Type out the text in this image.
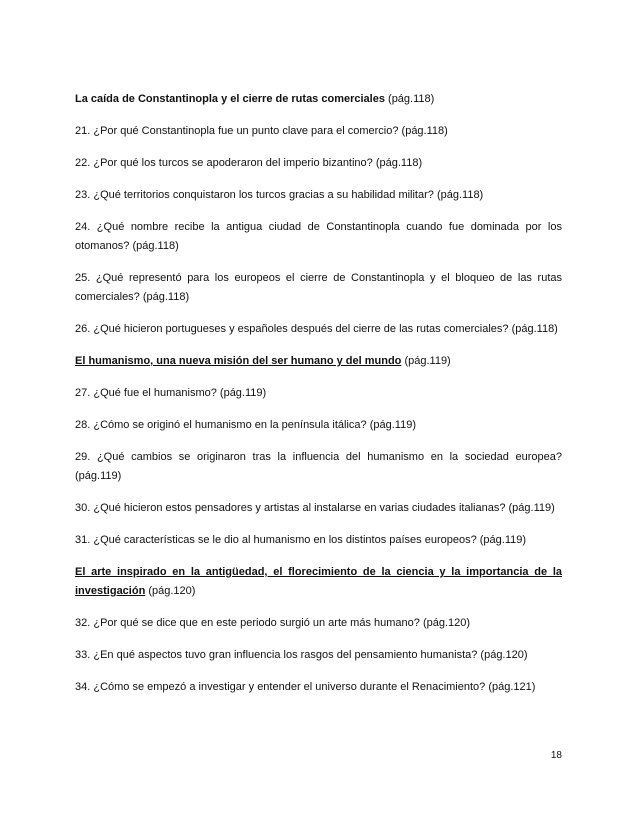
La caída de Constantinopla y el cierre de rutas comerciales (pág.118)

21. ¿Por qué Constantinopla fue un punto clave para el comercio? (pág.118)

22. ¿Por qué los turcos se apoderaron del imperio bizantino? (pág.118)

23. ¿Qué territorios conquistaron los turcos gracias a su habilidad militar? (pág.118)

24. ¿Qué nombre recibe la antigua ciudad de Constantinopla cuando fue dominada por los otomanos? (pág.118)

25. ¿Qué representó para los europeos el cierre de Constantinopla y el bloqueo de las rutas comerciales? (pág.118)

26. ¿Qué hicieron portugueses y españoles después del cierre de las rutas comerciales? (pág.118)

El humanismo, una nueva misión del ser humano y del mundo (pág.119)

27. ¿Qué fue el humanismo? (pág.119)

28. ¿Cómo se originó el humanismo en la península itálica? (pág.119)

29. ¿Qué cambios se originaron tras la influencia del humanismo en la sociedad europea? (pág.119)

30. ¿Qué hicieron estos pensadores y artistas al instalarse en varias ciudades italianas? (pág.119)

31. ¿Qué características se le dio al humanismo en los distintos países europeos? (pág.119)

El arte inspirado en la antigüedad, el florecimiento de la ciencia y la importancia de la investigación (pág.120)

32. ¿Por qué se dice que en este periodo surgió un arte más humano? (pág.120)

33. ¿En qué aspectos tuvo gran influencia los rasgos del pensamiento humanista? (pág.120)

34. ¿Cómo se empezó a investigar y entender el universo durante el Renacimiento? (pág.121)

18
